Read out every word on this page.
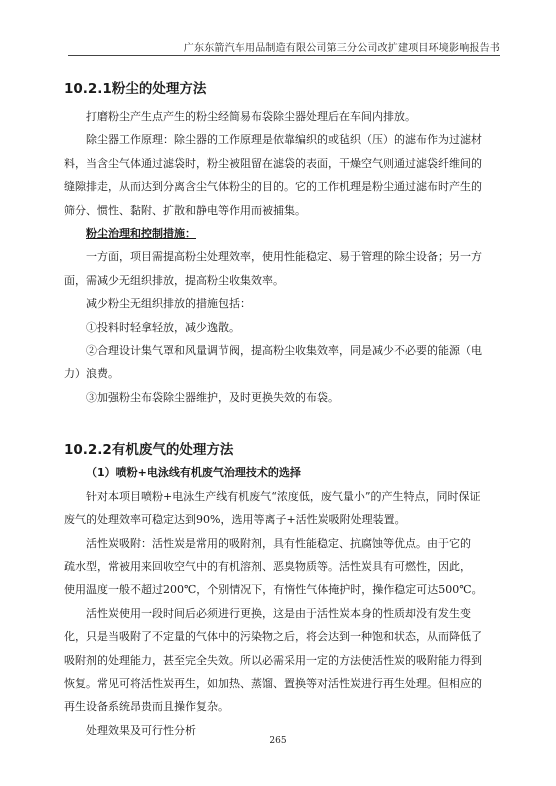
广东东箭汽车用品制造有限公司第三分公司改扩建项目环境影响报告书
10.2.1粉尘的处理方法

打磨粉尘产生点产生的粉尘经简易布袋除尘器处理后在车间内排放。

除尘器工作原理：除尘器的工作原理是依靠编织的或毡织（压）的滤布作为过滤材
料，当含尘气体通过滤袋时，粉尘被阻留在滤袋的表面，干燥空气则通过滤袋纤维间的
缝隙排走，从而达到分离含尘气体粉尘的目的。它的工作机理是粉尘通过滤布时产生的
筛分、惯性、黏附、扩散和静电等作用而被捕集。

粉尘治理和控制措施：

一方面，项目需提高粉尘处理效率，使用性能稳定、易于管理的除尘设备；另一方
面，需减少无组织排放，提高粉尘收集效率。

减少粉尘无组织排放的措施包括：

①投料时轻拿轻放，减少逸散。

②合理设计集气罩和风量调节阀，提高粉尘收集效率，同是减少不必要的能源（电
力）浪费。

③加强粉尘布袋除尘器维护，及时更换失效的布袋。

10.2.2有机废气的处理方法

（1）喷粉+电泳线有机废气治理技术的选择

针对本项目喷粉+电泳生产线有机废气“浓度低，废气量小”的产生特点，同时保证
废气的处理效率可稳定达到90%，选用等离子+活性炭吸附处理装置。

活性炭吸附：活性炭是常用的吸附剂，具有性能稳定、抗腐蚀等优点。由于它的
疏水型，常被用来回收空气中的有机溶剂、恶臭物质等。活性炭具有可燃性，因此，
使用温度一般不超过200℃，个别情况下，有惰性气体掩护时，操作稳定可达500℃。

活性炭使用一段时间后必须进行更换，这是由于活性炭本身的性质却没有发生变
化，只是当吸附了不定量的气体中的污染物之后，将会达到一种饱和状态，从而降低了
吸附剂的处理能力，甚至完全失效。所以必需采用一定的方法使活性炭的吸附能力得到
恢复。常见可将活性炭再生，如加热、蒸馏、置换等对活性炭进行再生处理。但相应的
再生设备系统昂贵而且操作复杂。

处理效果及可行性分析

265
